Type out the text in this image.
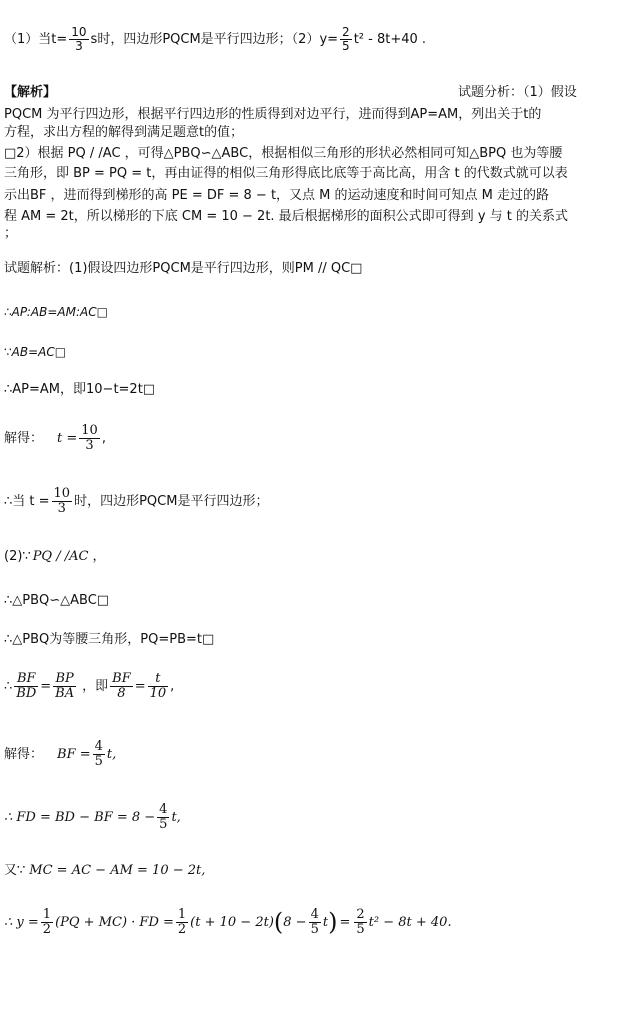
（1）当$t= \frac{10}{3}$ s时，四边形PQCM是平行四边形；$(2)y= \frac{2}{5} t^2 - 8t+40$ .
【解析】	试题分析：（1）假设
PQCM 为平行四边形，根据平行四边形的性质得到对边平行，进而得到AP=AM，列出关于t的
方程，求出方程的解得到满足题意t的值；
□2）根据 PQ / /AC ，可得△PBQ∽△ABC，根据相似三角形的形状必然相同可知△BPQ 也为等腰
三角形，即 BP = PQ = t，再由证得的相似三角形得底比底等于高比高，用含 t 的代数式就可以表
示出BF ，进而得到梯形的高 PE = DF = 8 − t，又点 M 的运动速度和时间可知点 M 走过的路
程 AM = 2t，所以梯形的下底 CM = 10 − 2t. 最后根据梯形的面积公式即可得到 y 与 t 的关系式
；
试题解析：(1)假设四边形PQCM是平行四边形，则PM // QC□
∴AP:AB=AM:AC□
∵AB=AC□
∴AP=AM，即10−t=2t□
解得： $t = \frac{10}{3}$ ,
∴当 $t = \frac{10}{3}$ 时，四边形PQCM是平行四边形；
(2)∵ PQ / /AC ，
∴△PBQ∽△ABC□
∴△PBQ为等腰三角形，PQ=PB=t□
∴ $\frac{BF}{BD} = \frac{BP}{BA}$ ，即 $\frac{BF}{8} = \frac{t}{10}$ ,
解得： BF = $\frac{4}{5} t$,
∴ FD = BD − BF = $8 - \frac{4}{5} t$,
又∵ MC = AC − AM = 10 − 2t,
∴ $y = \frac{1}{2} (PQ + MC)$ · FD = $\frac{1}{2} (t + 10 - 2t)$ ( $8 - \frac{4}{5}$ t ) = $\frac{2}{5} t^2 - 8t + 40$.
